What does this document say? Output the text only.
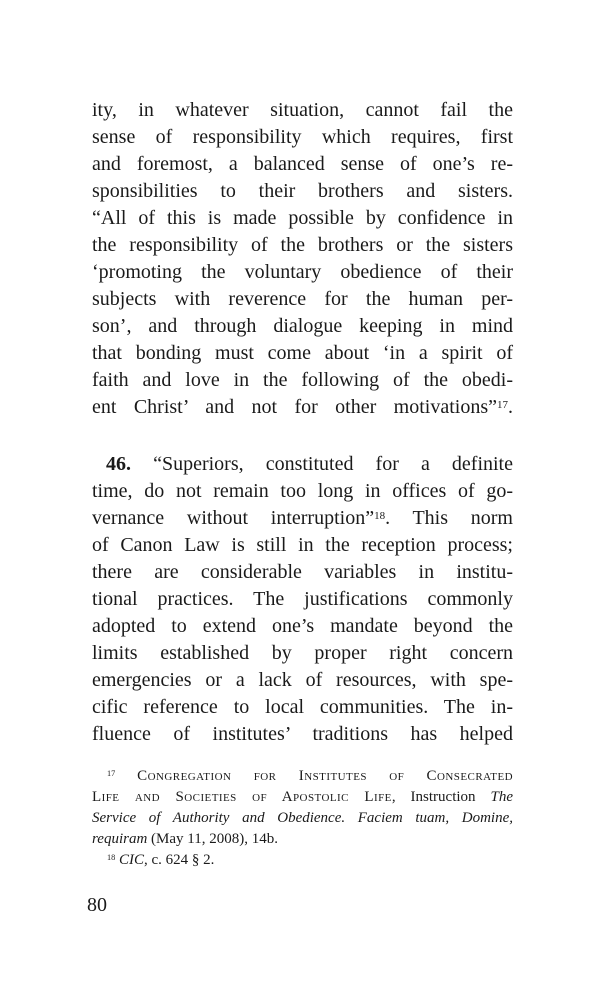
ity, in whatever situation, cannot fail the
sense of responsibility which requires, first
and foremost, a balanced sense of one’s re-
sponsibilities to their brothers and sisters.
“All of this is made possible by confidence in
the responsibility of the brothers or the sisters
‘promoting the voluntary obedience of their
subjects with reverence for the human per-
son’, and through dialogue keeping in mind
that bonding must come about ‘in a spirit of
faith and love in the following of the obedi-
ent Christ’ and not for other motivations”$^{17}$.
46. “Superiors, constituted for a definite
time, do not remain too long in offices of go-
vernance without interruption”$^{18}$. This norm
of Canon Law is still in the reception process;
there are considerable variables in institu-
tional practices. The justifications commonly
adopted to extend one’s mandate beyond the
limits established by proper right concern
emergencies or a lack of resources, with spe-
cific reference to local communities. The in-
fluence of institutes’ traditions has helped
$^{17}$ Congregation for Institutes of Consecrated
Life and Societies of Apostolic Life, Instruction The
Service of Authority and Obedience. Faciem tuam, Domine,
requiram (May 11, 2008), 14b.
$^{18}$ CIC, c. 624 § 2.
80
